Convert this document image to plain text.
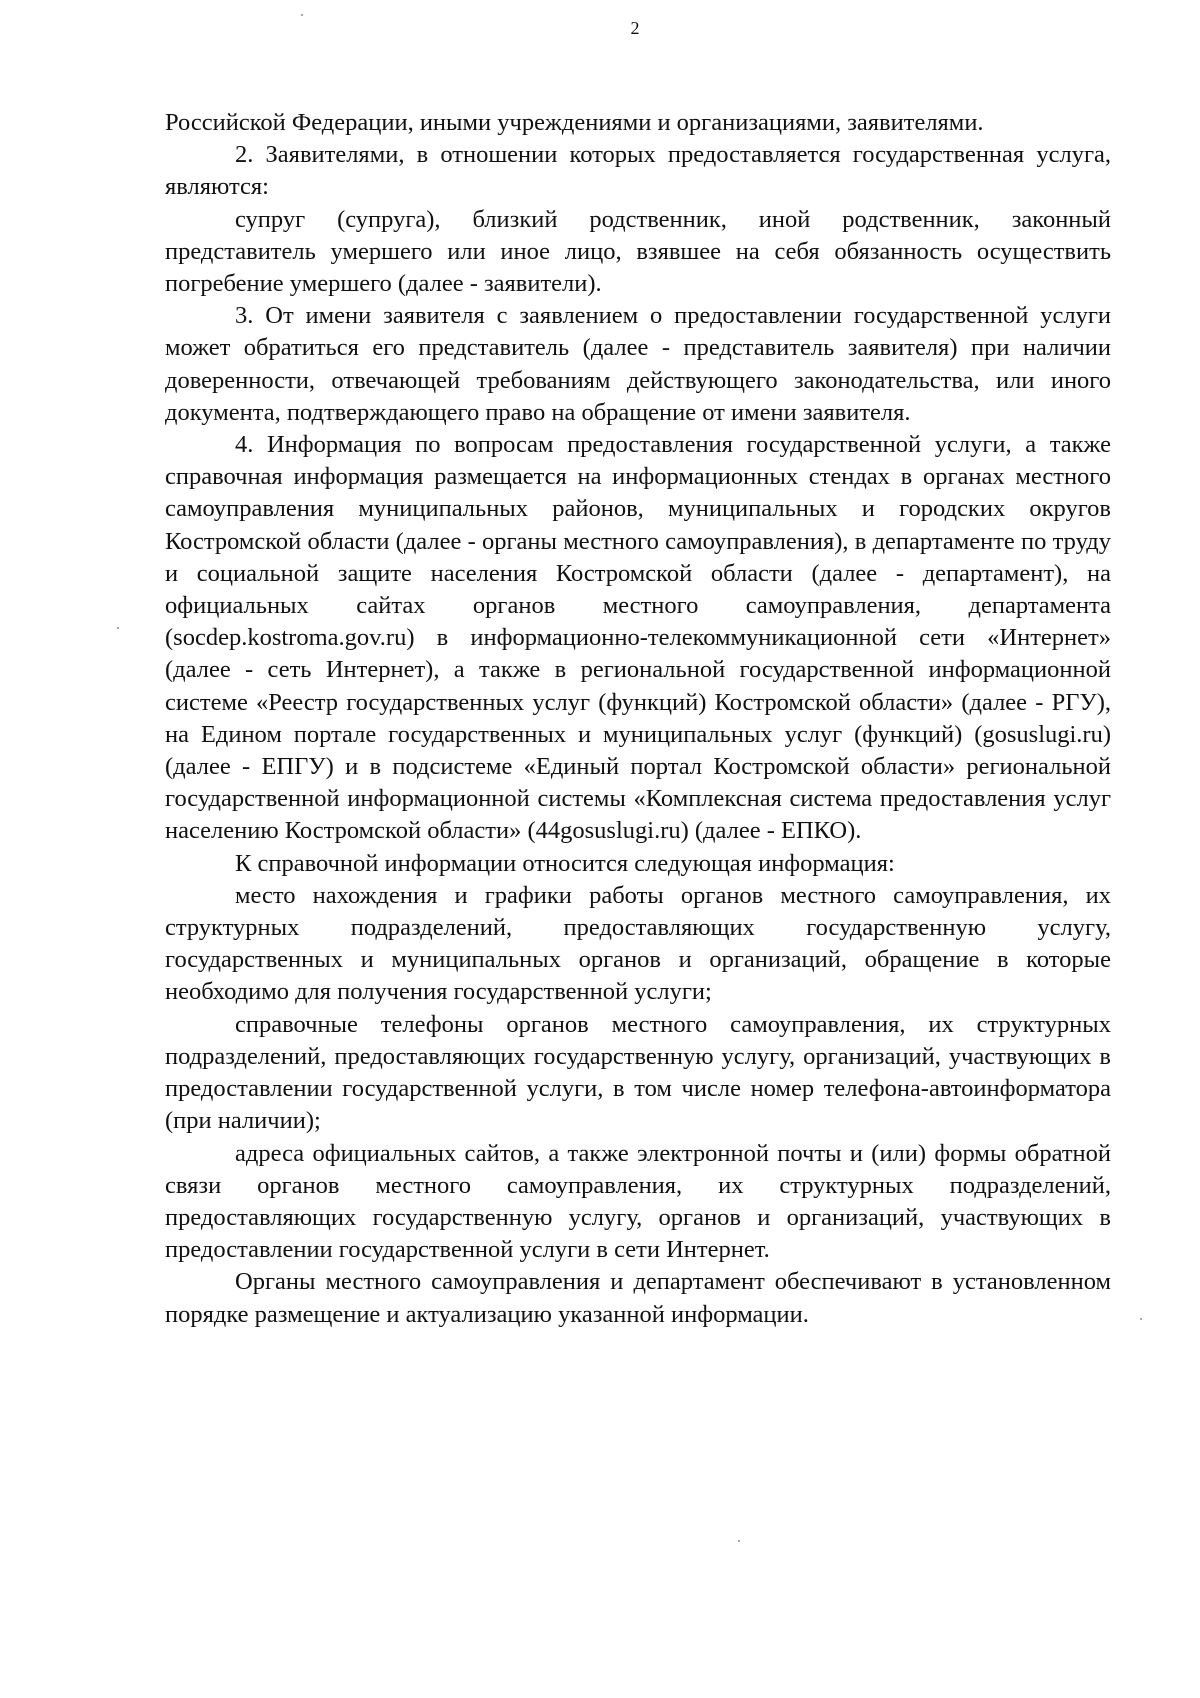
2

Российской Федерации, иными учреждениями и организациями, заявителями.

2. Заявителями, в отношении которых предоставляется государственная услуга, являются:

супруг (супруга), близкий родственник, иной родственник, законный представитель умершего или иное лицо, взявшее на себя обязанность осуществить погребение умершего (далее - заявители).

3. От имени заявителя с заявлением о предоставлении государственной услуги может обратиться его представитель (далее - представитель заявителя) при наличии доверенности, отвечающей требованиям действующего законодательства, или иного документа, подтверждающего право на обращение от имени заявителя.

4. Информация по вопросам предоставления государственной услуги, а также справочная информация размещается на информационных стендах в органах местного самоуправления муниципальных районов, муниципальных и городских округов Костромской области (далее - органы местного самоуправления), в департаменте по труду и социальной защите населения Костромской области (далее - департамент), на официальных сайтах органов местного самоуправления, департамента (socdep.kostroma.gov.ru) в информационно-телекоммуникационной сети «Интернет» (далее - сеть Интернет), а также в региональной государственной информационной системе «Реестр государственных услуг (функций) Костромской области» (далее - РГУ), на Едином портале государственных и муниципальных услуг (функций) (gosuslugi.ru) (далее - ЕПГУ) и в подсистеме «Единый портал Костромской области» региональной государственной информационной системы «Комплексная система предоставления услуг населению Костромской области» (44gosuslugi.ru) (далее - ЕПКО).

К справочной информации относится следующая информация:

место нахождения и графики работы органов местного самоуправления, их структурных подразделений, предоставляющих государственную услугу, государственных и муниципальных органов и организаций, обращение в которые необходимо для получения государственной услуги;

справочные телефоны органов местного самоуправления, их структурных подразделений, предоставляющих государственную услугу, организаций, участвующих в предоставлении государственной услуги, в том числе номер телефона-автоинформатора (при наличии);

адреса официальных сайтов, а также электронной почты и (или) формы обратной связи органов местного самоуправления, их структурных подразделений, предоставляющих государственную услугу, органов и организаций, участвующих в предоставлении государственной услуги в сети Интернет.

Органы местного самоуправления и департамент обеспечивают в установленном порядке размещение и актуализацию указанной информации.
